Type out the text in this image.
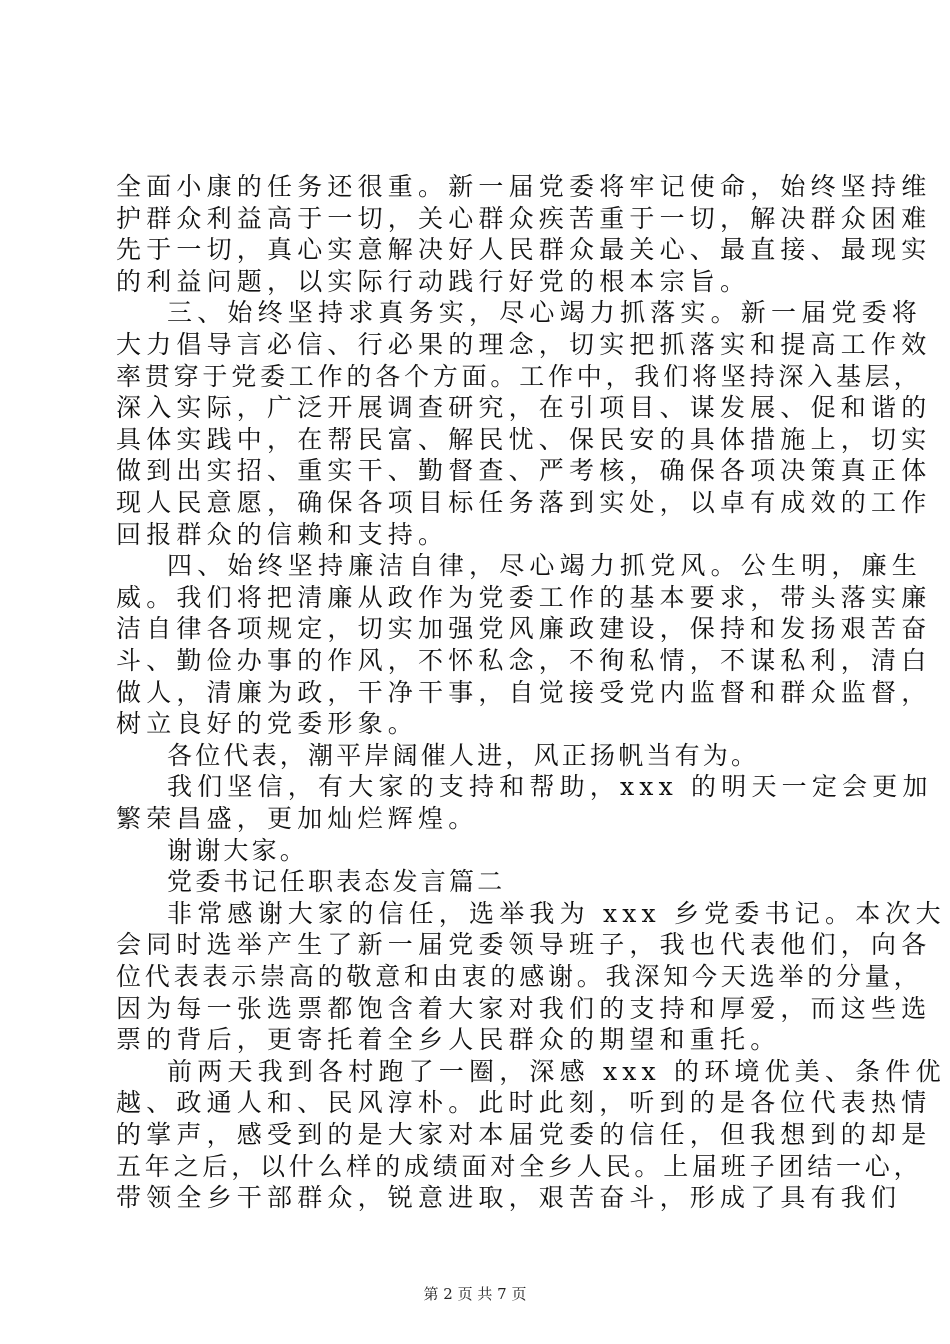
全面小康的任务还很重。新一届党委将牢记使命，始终坚持维
护群众利益高于一切，关心群众疾苦重于一切，解决群众困难
先于一切，真心实意解决好人民群众最关心、最直接、最现实
的利益问题，以实际行动践行好党的根本宗旨。
三、始终坚持求真务实，尽心竭力抓落实。新一届党委将
大力倡导言必信、行必果的理念，切实把抓落实和提高工作效
率贯穿于党委工作的各个方面。工作中，我们将坚持深入基层，
深入实际，广泛开展调查研究，在引项目、谋发展、促和谐的
具体实践中，在帮民富、解民忧、保民安的具体措施上，切实
做到出实招、重实干、勤督查、严考核，确保各项决策真正体
现人民意愿，确保各项目标任务落到实处，以卓有成效的工作
回报群众的信赖和支持。
四、始终坚持廉洁自律，尽心竭力抓党风。公生明，廉生
威。我们将把清廉从政作为党委工作的基本要求，带头落实廉
洁自律各项规定，切实加强党风廉政建设，保持和发扬艰苦奋
斗、勤俭办事的作风，不怀私念，不徇私情，不谋私利，清白
做人，清廉为政，干净干事，自觉接受党内监督和群众监督，
树立良好的党委形象。
各位代表，潮平岸阔催人进，风正扬帆当有为。
我们坚信，有大家的支持和帮助，xxx 的明天一定会更加
繁荣昌盛，更加灿烂辉煌。
谢谢大家。
党委书记任职表态发言篇二
非常感谢大家的信任，选举我为 xxx 乡党委书记。本次大
会同时选举产生了新一届党委领导班子，我也代表他们，向各
位代表表示崇高的敬意和由衷的感谢。我深知今天选举的分量，
因为每一张选票都饱含着大家对我们的支持和厚爱，而这些选
票的背后，更寄托着全乡人民群众的期望和重托。
前两天我到各村跑了一圈，深感 xxx 的环境优美、条件优
越、政通人和、民风淳朴。此时此刻，听到的是各位代表热情
的掌声，感受到的是大家对本届党委的信任，但我想到的却是
五年之后，以什么样的成绩面对全乡人民。上届班子团结一心，
带领全乡干部群众，锐意进取，艰苦奋斗，形成了具有我们
第 2 页 共 7 页
